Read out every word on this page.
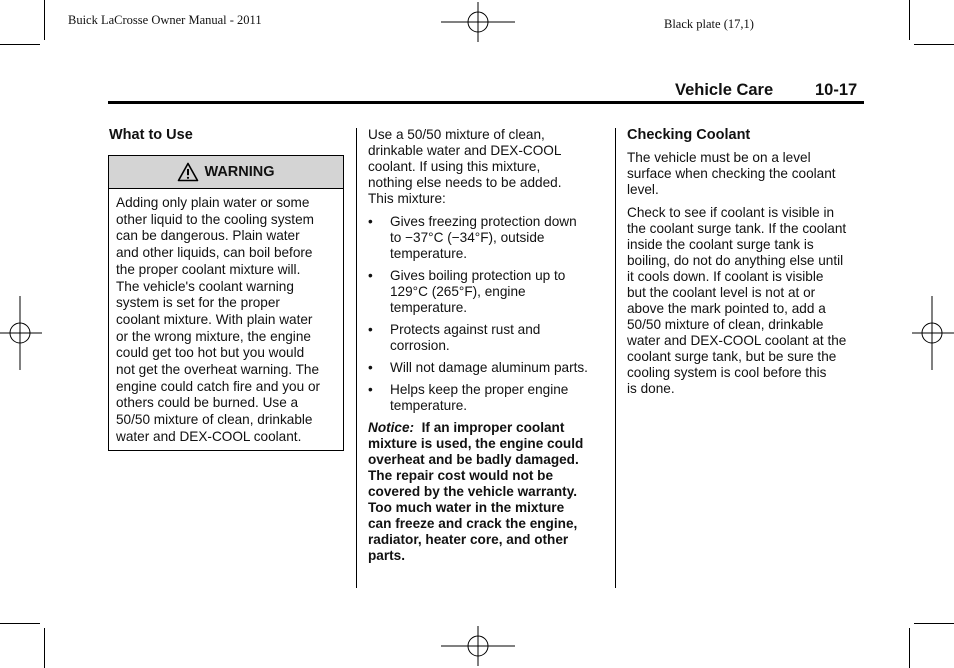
Buick LaCrosse Owner Manual - 2011	Black plate (17,1)
Vehicle Care	10-17
What to Use
WARNING
Adding only plain water or some
other liquid to the cooling system
can be dangerous. Plain water
and other liquids, can boil before
the proper coolant mixture will.
The vehicle's coolant warning
system is set for the proper
coolant mixture. With plain water
or the wrong mixture, the engine
could get too hot but you would
not get the overheat warning. The
engine could catch fire and you or
others could be burned. Use a
50/50 mixture of clean, drinkable
water and DEX-COOL coolant.
Use a 50/50 mixture of clean,
drinkable water and DEX-COOL
coolant. If using this mixture,
nothing else needs to be added.
This mixture:
• Gives freezing protection down
to −37°C (−34°F), outside
temperature.
• Gives boiling protection up to
129°C (265°F), engine
temperature.
• Protects against rust and
corrosion.
• Will not damage aluminum parts.
• Helps keep the proper engine
temperature.
Notice: If an improper coolant
mixture is used, the engine could
overheat and be badly damaged.
The repair cost would not be
covered by the vehicle warranty.
Too much water in the mixture
can freeze and crack the engine,
radiator, heater core, and other
parts.
Checking Coolant
The vehicle must be on a level
surface when checking the coolant
level.
Check to see if coolant is visible in
the coolant surge tank. If the coolant
inside the coolant surge tank is
boiling, do not do anything else until
it cools down. If coolant is visible
but the coolant level is not at or
above the mark pointed to, add a
50/50 mixture of clean, drinkable
water and DEX-COOL coolant at the
coolant surge tank, but be sure the
cooling system is cool before this
is done.
